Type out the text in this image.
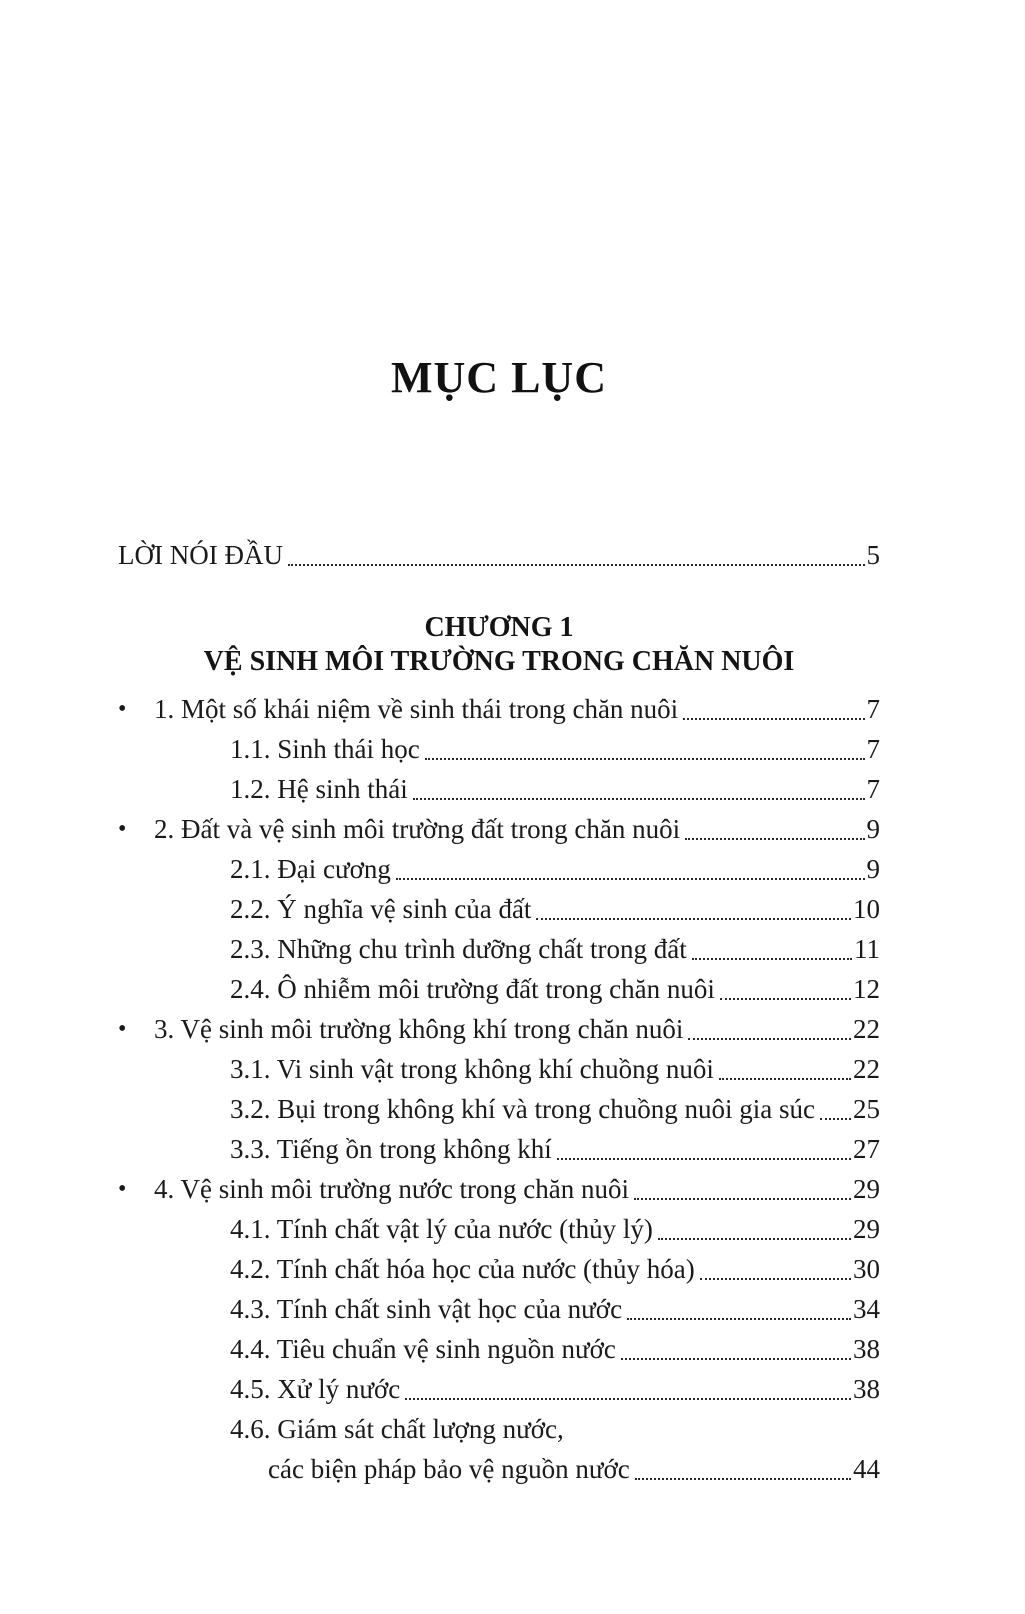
MỤC LỤC
LỜI NÓI ĐẦU	5
CHƯƠNG 1
VỆ SINH MÔI TRƯỜNG TRONG CHĂN NUÔI
•	1. Một số khái niệm về sinh thái trong chăn nuôi	7
1.1. Sinh thái học	7
1.2. Hệ sinh thái	7
•	2. Đất và vệ sinh môi trường đất trong chăn nuôi	9
2.1. Đại cương	9
2.2. Ý nghĩa vệ sinh của đất	10
2.3. Những chu trình dưỡng chất trong đất	11
2.4. Ô nhiễm môi trường đất trong chăn nuôi	12
•	3. Vệ sinh môi trường không khí trong chăn nuôi	22
3.1. Vi sinh vật trong không khí chuồng nuôi	22
3.2. Bụi trong không khí và trong chuồng nuôi gia súc 25
3.3. Tiếng ồn trong không khí	27
•	4. Vệ sinh môi trường nước trong chăn nuôi	29
4.1. Tính chất vật lý của nước (thủy lý)	29
4.2. Tính chất hóa học của nước (thủy hóa)	30
4.3. Tính chất sinh vật học của nước	34
4.4. Tiêu chuẩn vệ sinh nguồn nước	38
4.5. Xử lý nước	38
4.6. Giám sát chất lượng nước,
các biện pháp bảo vệ nguồn nước	44
